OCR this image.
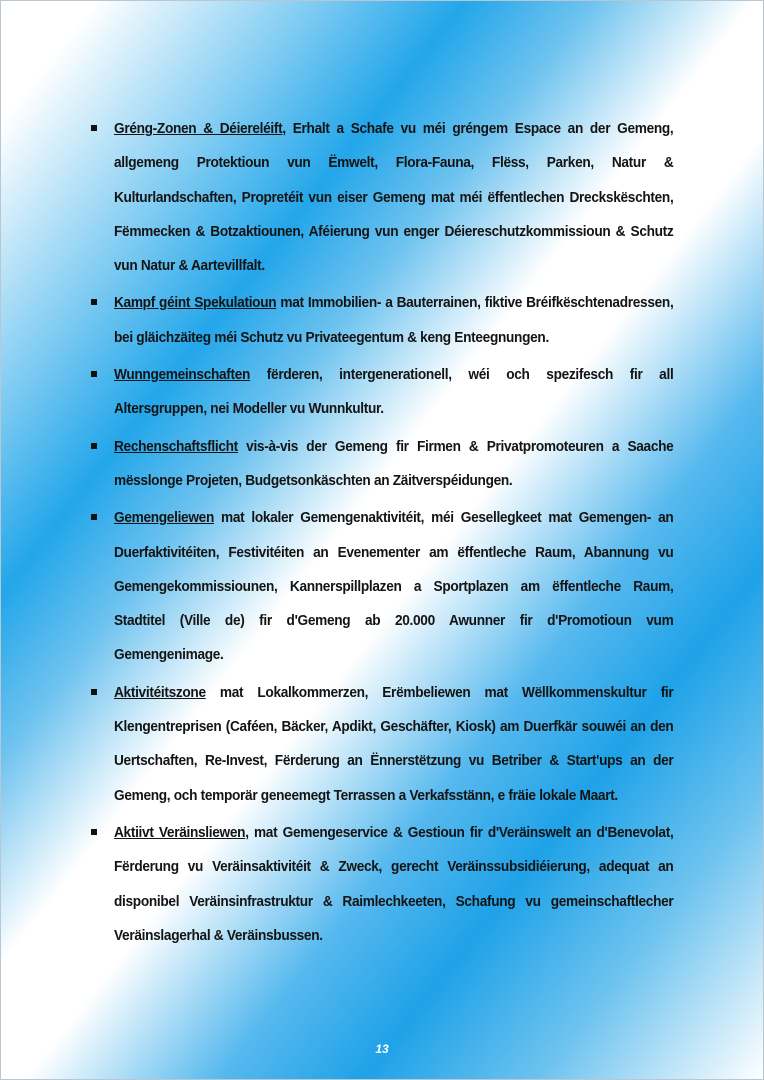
Gréng-Zonen & Déiereléift, Erhalt a Schafe vu méi gréngem Espace an der Gemeng, allgemeng Protektioun vun Ëmwelt, Flora-Fauna, Flëss, Parken, Natur & Kulturlandschaften, Propretéit vun eiser Gemeng mat méi ëffentlechen Dreckskëschten, Fëmmecken & Botzaktiounen, Aféierung vun enger Déiereschutzkommissioun & Schutz vun Natur & Aartevillfalt.
Kampf géint Spekulatioun mat Immobilien- a Bauterrainen, fiktive Bréifkëschtenadressen, bei gläichzäiteg méi Schutz vu Privateegentum & keng Enteegnungen.
Wunngemeinschaften fërderen, intergenerationell, wéi och spezifesch fir all Altersgruppen, nei Modeller vu Wunnkultur.
Rechenschaftsflicht vis-à-vis der Gemeng fir Firmen & Privatpromoteuren a Saache mësslonge Projeten, Budgetsonkäschten an Zäitverspéidungen.
Gemengeliewen mat lokaler Gemengenaktivitéit, méi Gesellegkeet mat Gemengen- an Duerfaktivitéiten, Festivitéiten an Evenementer am ëffentleche Raum, Abannung vu Gemengekommissiounen, Kannerspillplazen a Sportplazen am ëffentleche Raum, Stadtitel (Ville de) fir d'Gemeng ab 20.000 Awunner fir d'Promotioun vum Gemengenimage.
Aktivitéitszone mat Lokalkommerzen, Erëmbeliewen mat Wëllkommenskultur fir Klengentreprisen (Caféen, Bäcker, Apdikt, Geschäfter, Kiosk) am Duerfkär souwéi an den Uertschaften, Re-Invest, Fërderung an Ënnerstëtzung vu Betriber & Start'ups an der Gemeng, och temporär geneemegt Terrassen a Verkafsstänn, e fräie lokale Maart.
Aktiivt Veräinsliewen, mat Gemengeservice & Gestioun fir d'Veräinswelt an d'Benevolat, Fërderung vu Veräinsaktivitéit & Zweck, gerecht Veräinssubsidiéierung, adequat an disponibel Veräinsinfrastruktur & Raimlechkeeten, Schafung vu gemeinschaftlecher Veräinslagerhal & Veräinsbussen.
13
